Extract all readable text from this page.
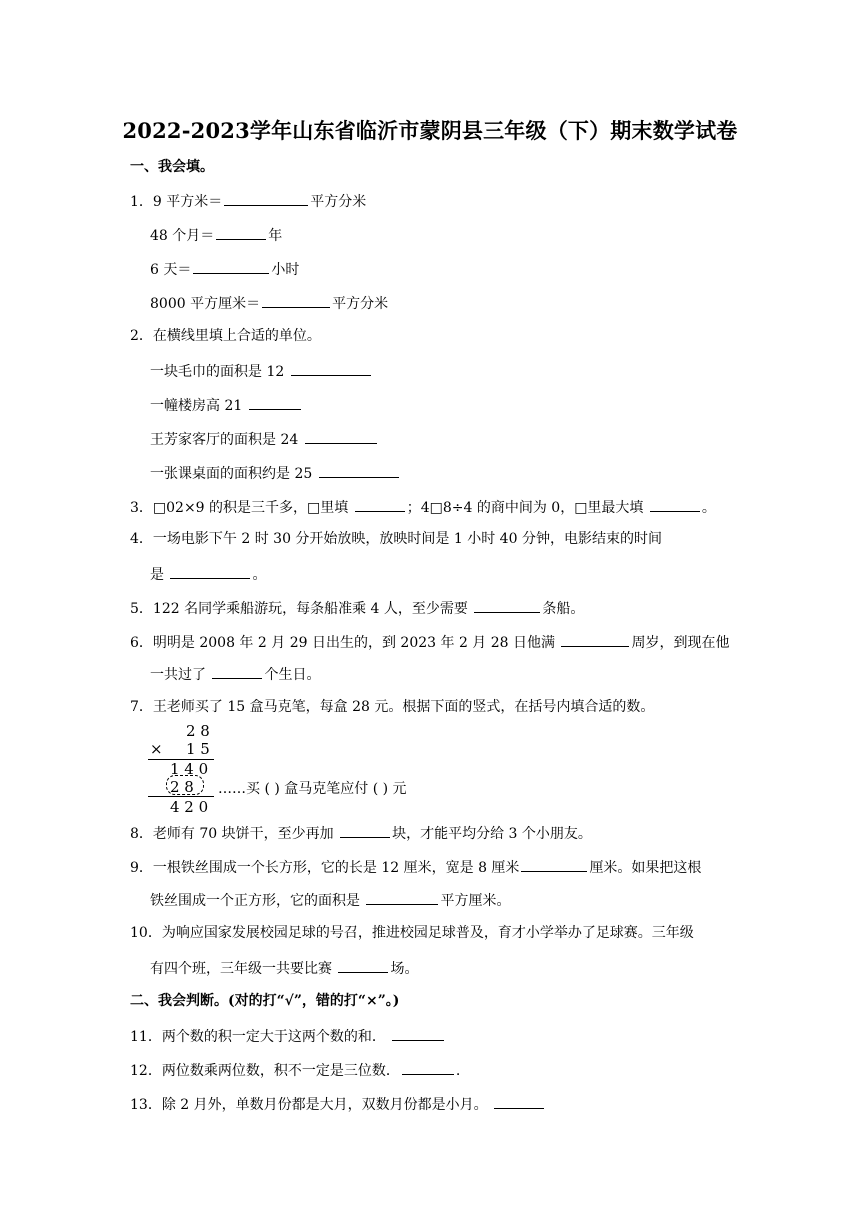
2022-2023学年山东省临沂市蒙阴县三年级（下）期末数学试卷
一、我会填。
1．9 平方米＝	平方分米
48 个月＝	年
6 天＝	小时
8000 平方厘米＝	平方分米
2．在横线里填上合适的单位。
一块毛巾的面积是 12
一幢楼房高 21
王芳家客厅的面积是 24
一张课桌面的面积约是 25
3．□02×9 的积是三千多，□里填	；4□8÷4 的商中间为 0，□里最大填	。
4．一场电影下午 2 时 30 分开始放映，放映时间是 1 小时 40 分钟，电影结束的时间
是	。
5．122 名同学乘船游玩，每条船准乘 4 人，至少需要	条船。
6．明明是 2008 年 2 月 29 日出生的，到 2023 年 2 月 28 日他满	周岁，到现在他
一共过了	个生日。
7．王老师买了 15 盒马克笔，每盒 28 元。根据下面的竖式，在括号内填合适的数。
2 8
× 1 5
1 4 0
2 8
4 2 0
……买 ( ) 盒马克笔应付 ( ) 元
8．老师有 70 块饼干，至少再加	块，才能平均分给 3 个小朋友。
9．一根铁丝围成一个长方形，它的长是 12 厘米，宽是 8 厘米	厘米。如果把这根
铁丝围成一个正方形，它的面积是	平方厘米。
10．为响应国家发展校园足球的号召，推进校园足球普及，育才小学举办了足球赛。三年级
有四个班，三年级一共要比赛	场。
二、我会判断。(对的打“√”，错的打“×”。)
11．两个数的积一定大于这两个数的和．
12．两位数乘两位数，积不一定是三位数．	.
13．除 2 月外，单数月份都是大月，双数月份都是小月。
